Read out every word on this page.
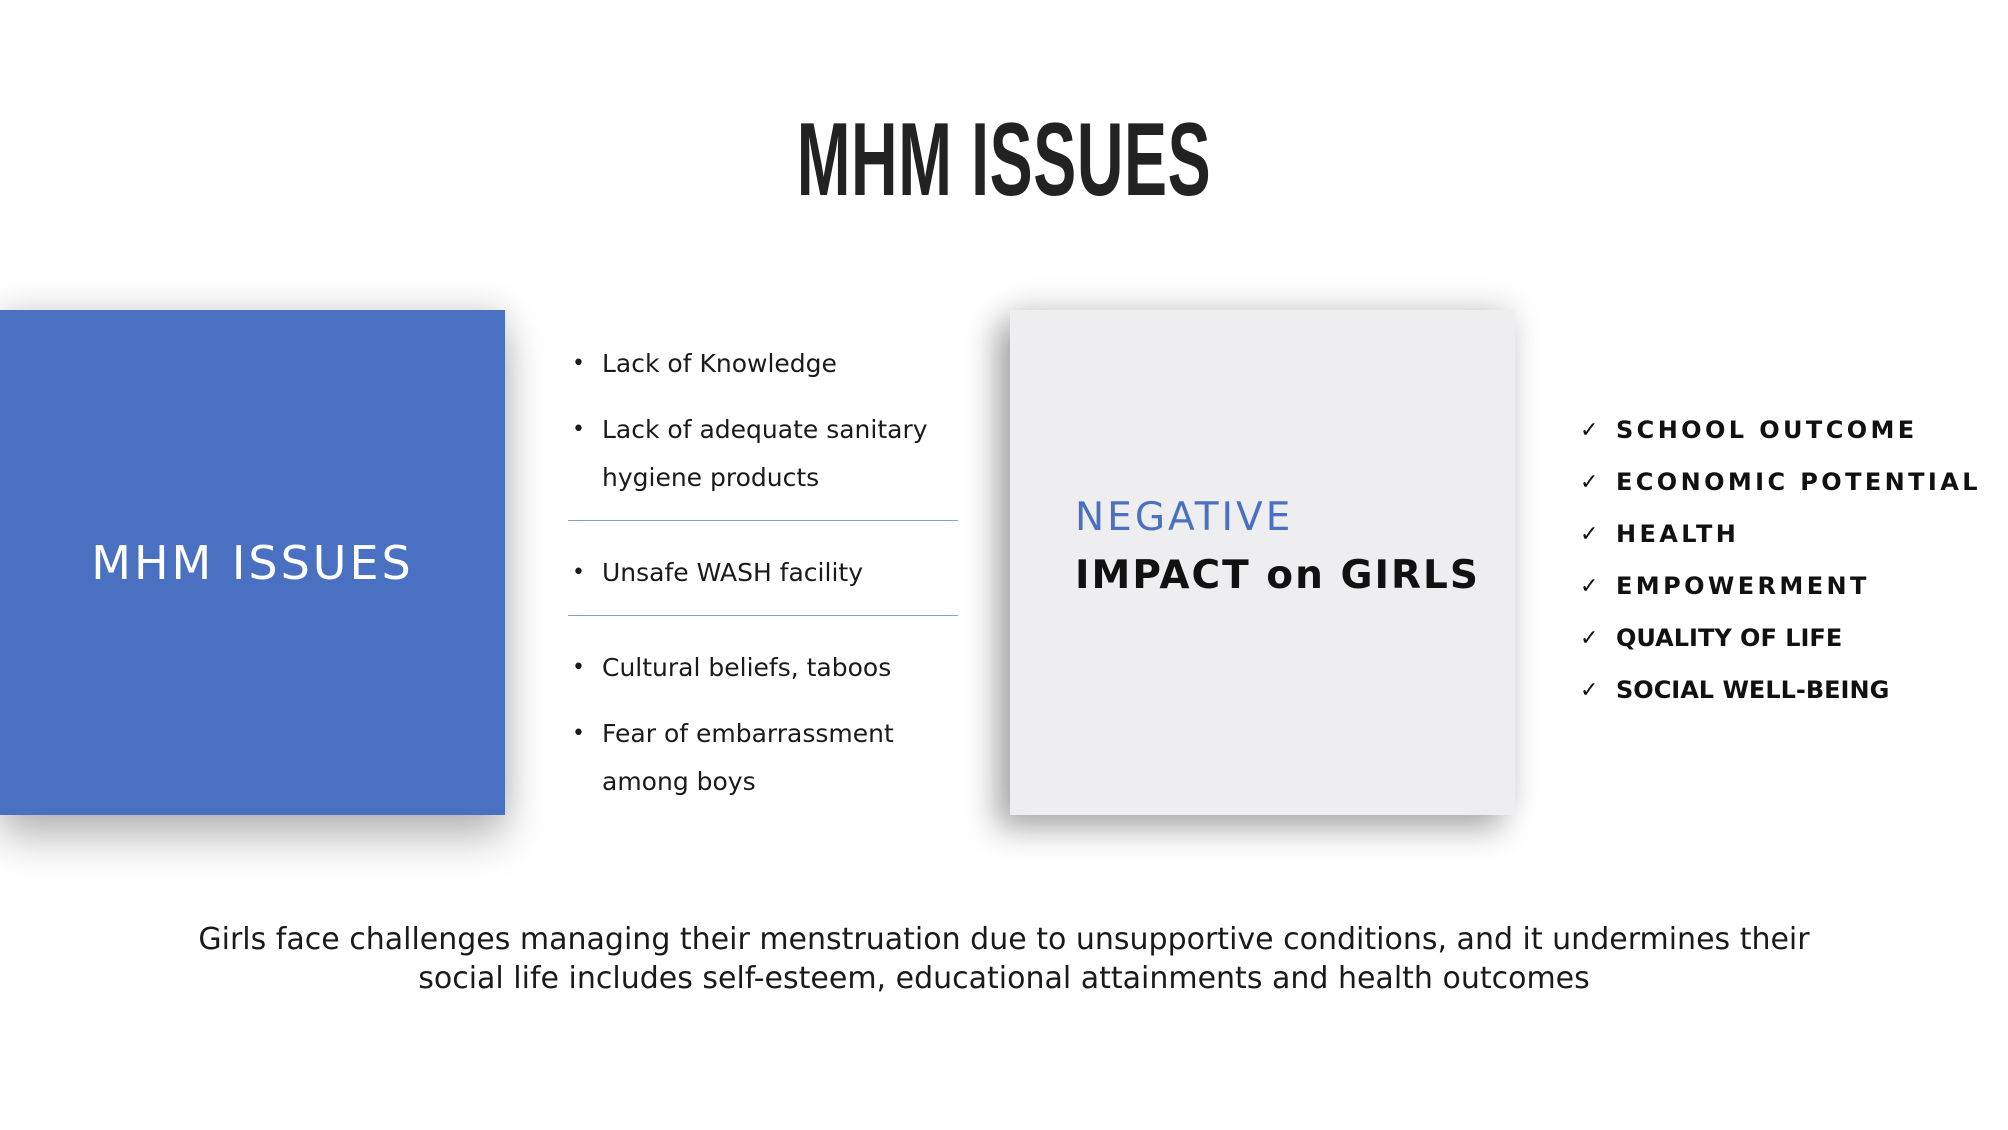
MHM ISSUES
MHM ISSUES
• Lack of Knowledge
• Lack of adequate sanitary hygiene products
• Unsafe WASH facility
• Cultural beliefs, taboos
• Fear of embarrassment among boys
NEGATIVE
IMPACT on GIRLS
✓ SCHOOL OUTCOME
✓ ECONOMIC POTENTIAL
✓ HEALTH
✓ EMPOWERMENT
✓ QUALITY OF LIFE
✓ SOCIAL WELL-BEING
Girls face challenges managing their menstruation due to unsupportive conditions, and it undermines their
social life includes self-esteem, educational attainments and health outcomes
